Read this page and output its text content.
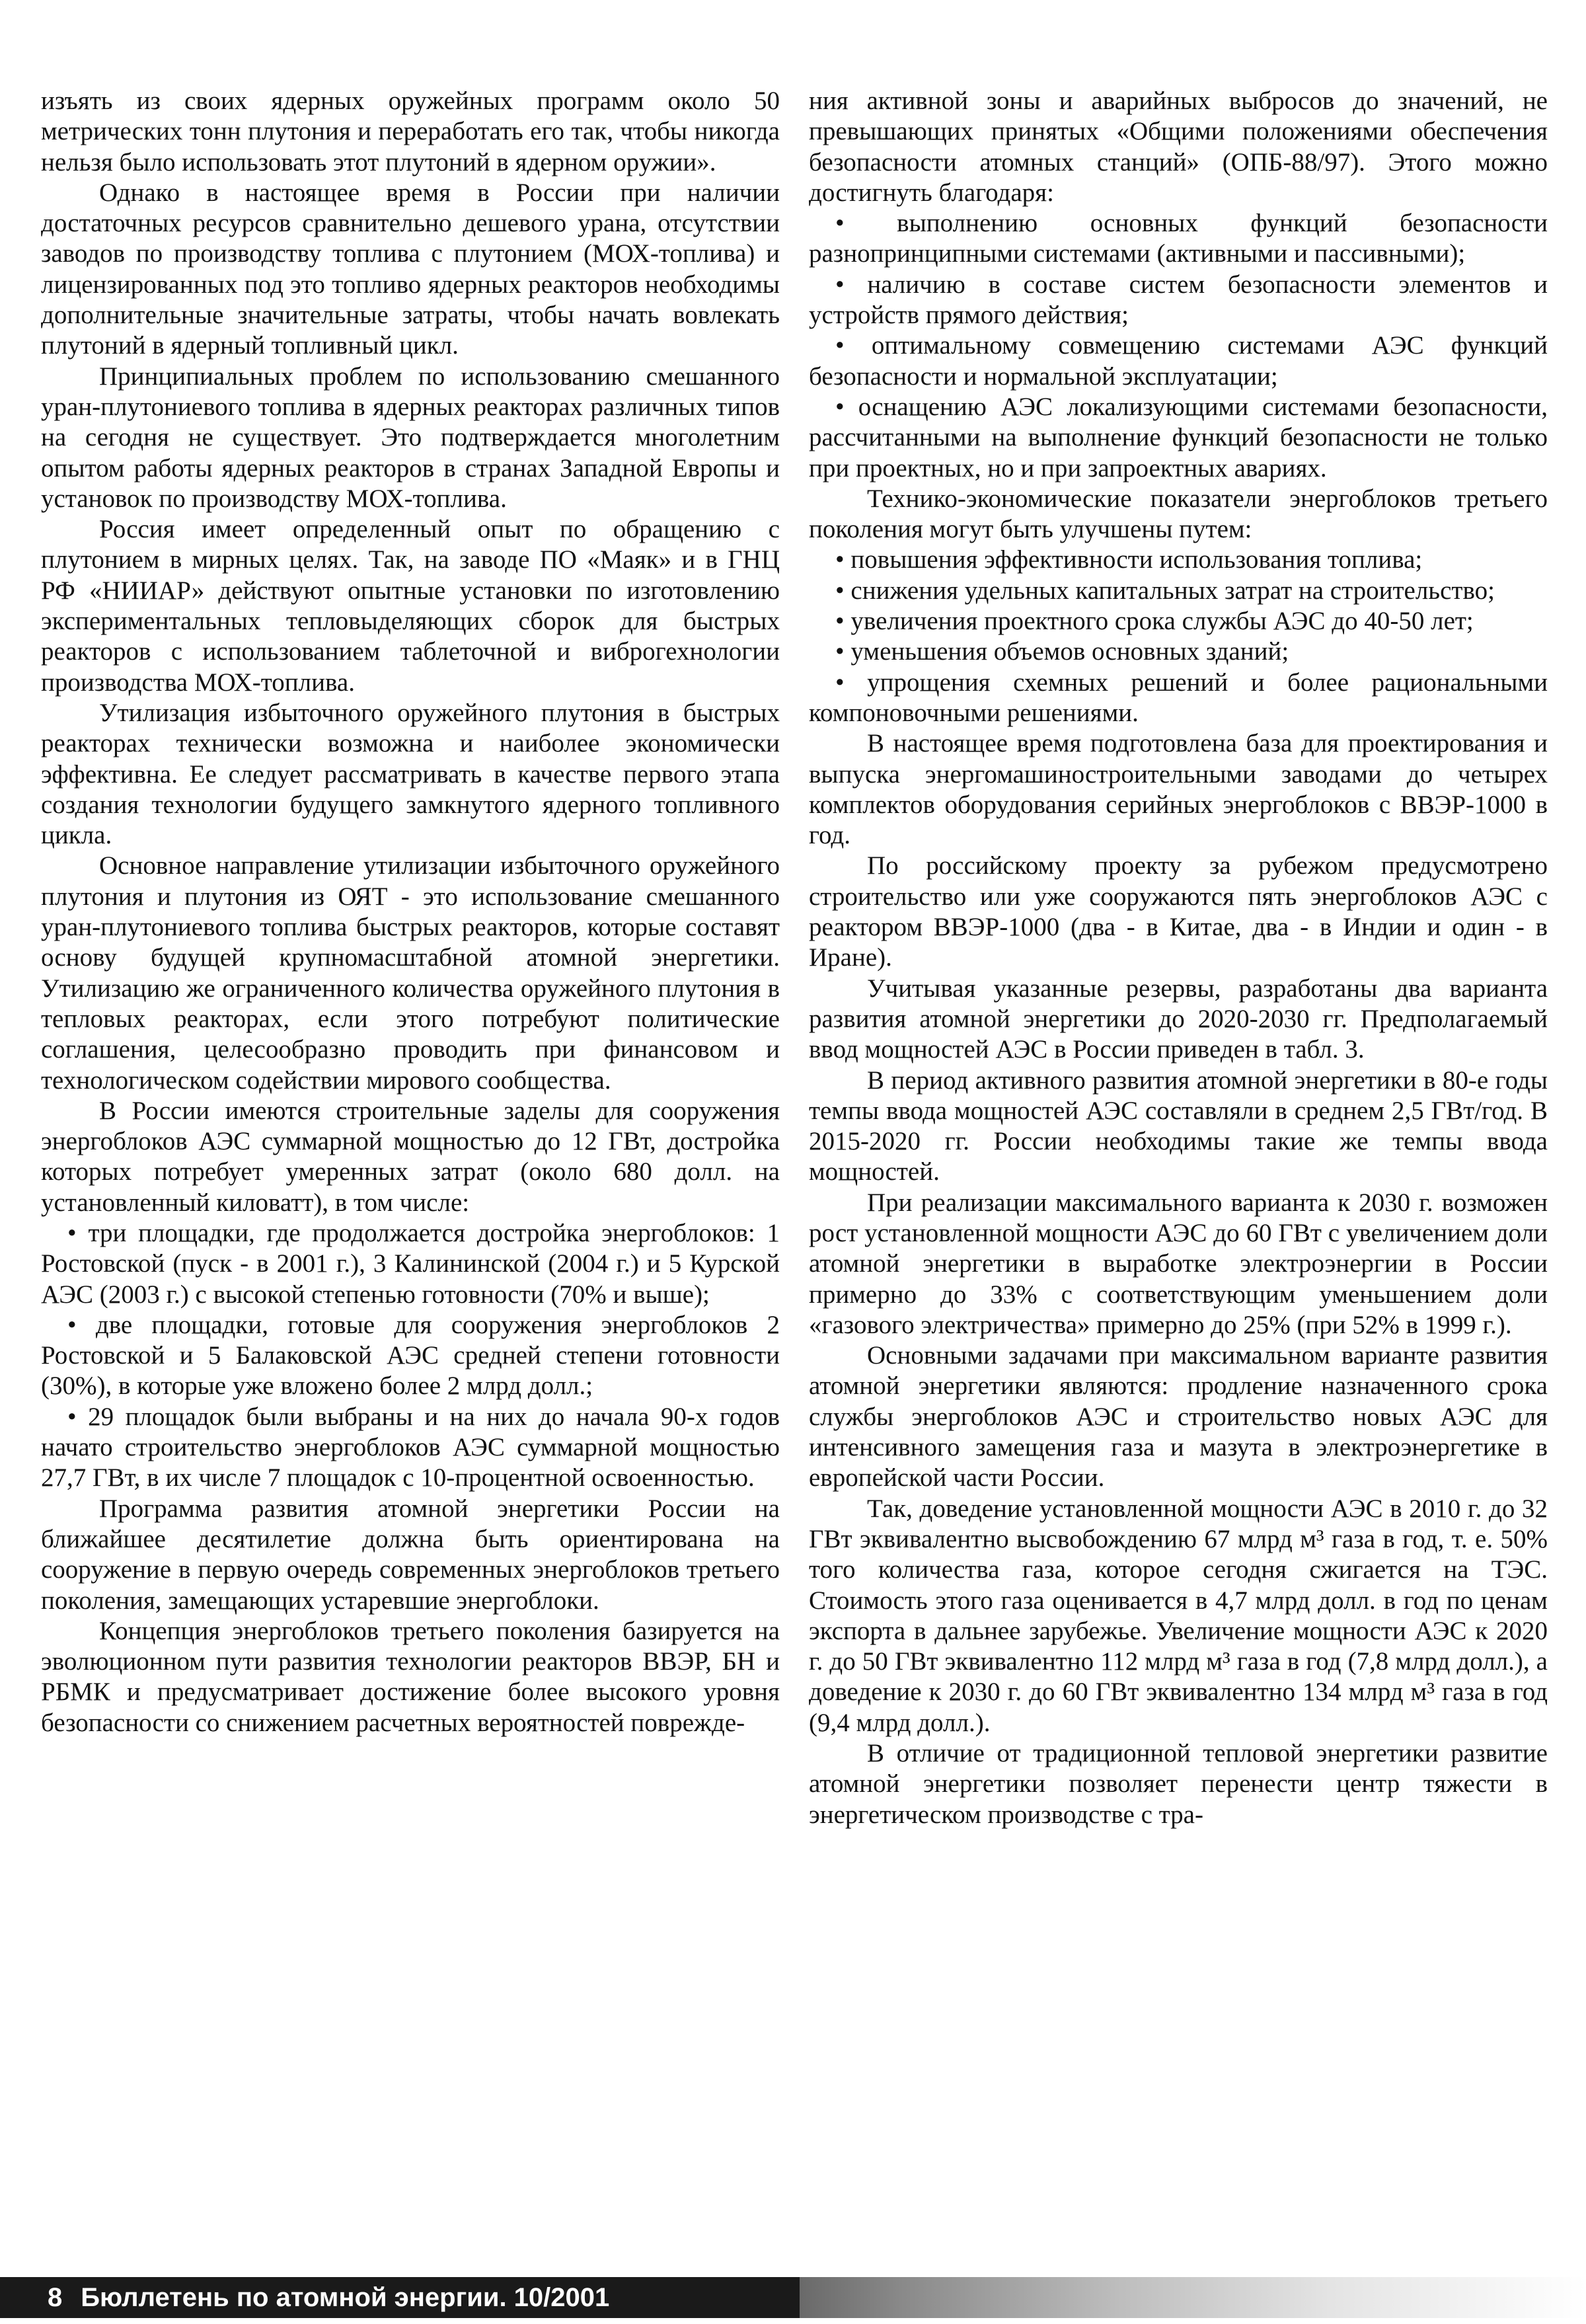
изъять из своих ядерных оружейных программ около 50 метрических тонн плутония и переработать его так, чтобы никогда нельзя было использовать этот плутоний в ядерном оружии».

Однако в настоящее время в России при наличии достаточных ресурсов сравнительно дешевого урана, отсутствии заводов по производству топлива с плутонием (МОХ-топлива) и лицензированных под это топливо ядерных реакторов необходимы дополнительные значительные затраты, чтобы начать вовлекать плутоний в ядерный топливный цикл.

Принципиальных проблем по использованию смешанного уран-плутониевого топлива в ядерных реакторах различных типов на сегодня не существует. Это подтверждается многолетним опытом работы ядерных реакторов в странах Западной Европы и установок по производству МОХ-топлива.

Россия имеет определенный опыт по обращению с плутонием в мирных целях. Так, на заводе ПО «Маяк» и в ГНЦ РФ «НИИАР» действуют опытные установки по изготовлению экспериментальных тепловыделяющих сборок для быстрых реакторов с использованием таблеточной и виброгехнологии производства МОХ-топлива.

Утилизация избыточного оружейного плутония в быстрых реакторах технически возможна и наиболее экономически эффективна. Ее следует рассматривать в качестве первого этапа создания технологии будущего замкнутого ядерного топливного цикла.

Основное направление утилизации избыточного оружейного плутония и плутония из ОЯТ - это использование смешанного уран-плутониевого топлива быстрых реакторов, которые составят основу будущей крупномасштабной атомной энергетики. Утилизацию же ограниченного количества оружейного плутония в тепловых реакторах, если этого потребуют политические соглашения, целесообразно проводить при финансовом и технологическом содействии мирового сообщества.

В России имеются строительные заделы для сооружения энергоблоков АЭС суммарной мощностью до 12 ГВт, достройка которых потребует умеренных затрат (около 680 долл. на установленный киловатт), в том числе:

• три площадки, где продолжается достройка энергоблоков: 1 Ростовской (пуск - в 2001 г.), 3 Калининской (2004 г.) и 5 Курской АЭС (2003 г.) с высокой степенью готовности (70% и выше);

• две площадки, готовые для сооружения энергоблоков 2 Ростовской и 5 Балаковской АЭС средней степени готовности (30%), в которые уже вложено более 2 млрд долл.;

• 29 площадок были выбраны и на них до начала 90-х годов начато строительство энергоблоков АЭС суммарной мощностью 27,7 ГВт, в их числе 7 площадок с 10-процентной освоенностью.

Программа развития атомной энергетики России на ближайшее десятилетие должна быть ориентирована на сооружение в первую очередь современных энергоблоков третьего поколения, замещающих устаревшие энергоблоки.

Концепция энергоблоков третьего поколения базируется на эволюционном пути развития технологии реакторов ВВЭР, БН и РБМК и предусматривает достижение более высокого уровня безопасности со снижением расчетных вероятностей поврежде-

ния активной зоны и аварийных выбросов до значений, не превышающих принятых «Общими положениями обеспечения безопасности атомных станций» (ОПБ-88/97). Этого можно достигнуть благодаря:

• выполнению основных функций безопасности разнопринципными системами (активными и пассивными);

• наличию в составе систем безопасности элементов и устройств прямого действия;

• оптимальному совмещению системами АЭС функций безопасности и нормальной эксплуатации;

• оснащению АЭС локализующими системами безопасности, рассчитанными на выполнение функций безопасности не только при проектных, но и при запроектных авариях.

Технико-экономические показатели энергоблоков третьего поколения могут быть улучшены путем:

• повышения эффективности использования топлива;

• снижения удельных капитальных затрат на строительство;

• увеличения проектного срока службы АЭС до 40-50 лет;

• уменьшения объемов основных зданий;

• упрощения схемных решений и более рациональными компоновочными решениями.

В настоящее время подготовлена база для проектирования и выпуска энергомашиностроительными заводами до четырех комплектов оборудования серийных энергоблоков с ВВЭР-1000 в год.

По российскому проекту за рубежом предусмотрено строительство или уже сооружаются пять энергоблоков АЭС с реактором ВВЭР-1000 (два - в Китае, два - в Индии и один - в Иране).

Учитывая указанные резервы, разработаны два варианта развития атомной энергетики до 2020-2030 гг. Предполагаемый ввод мощностей АЭС в России приведен в табл. 3.

В период активного развития атомной энергетики в 80-е годы темпы ввода мощностей АЭС составляли в среднем 2,5 ГВт/год. В 2015-2020 гг. России необходимы такие же темпы ввода мощностей.

При реализации максимального варианта к 2030 г. возможен рост установленной мощности АЭС до 60 ГВт с увеличением доли атомной энергетики в выработке электроэнергии в России примерно до 33% с соответствующим уменьшением доли «газового электричества» примерно до 25% (при 52% в 1999 г.).

Основными задачами при максимальном варианте развития атомной энергетики являются: продление назначенного срока службы энергоблоков АЭС и строительство новых АЭС для интенсивного замещения газа и мазута в электроэнергетике в европейской части России.

Так, доведение установленной мощности АЭС в 2010 г. до 32 ГВт эквивалентно высвобождению 67 млрд м³ газа в год, т. е. 50% того количества газа, которое сегодня сжигается на ТЭС. Стоимость этого газа оценивается в 4,7 млрд долл. в год по ценам экспорта в дальнее зарубежье. Увеличение мощности АЭС к 2020 г. до 50 ГВт эквивалентно 112 млрд м³ газа в год (7,8 млрд долл.), а доведение к 2030 г. до 60 ГВт эквивалентно 134 млрд м³ газа в год (9,4 млрд долл.).

В отличие от традиционной тепловой энергетики развитие атомной энергетики позволяет перенести центр тяжести в энергетическом производстве с тра-

8 Бюллетень по атомной энергии. 10/2001
